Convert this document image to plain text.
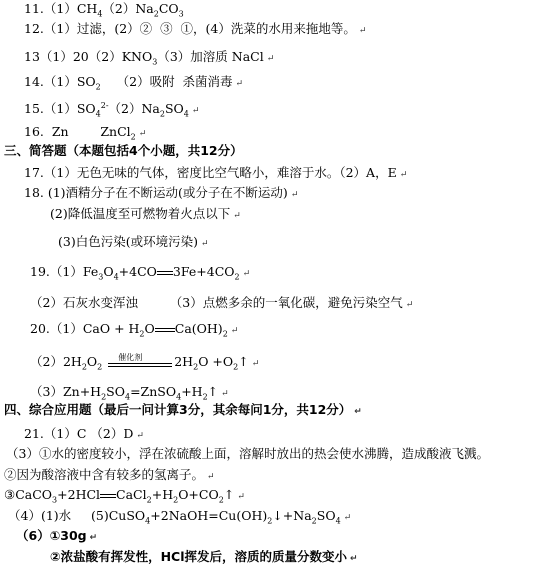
$11.(1)CH_4(2)Na_2CO_3$
12.（1）过滤，(2）②  ③  ①，(4）洗菜的水用来拖地等。 ↵
$13(1)20(2)KNO_3(3)$加溶质 NaCl ↵
$14.(1)SO_2$    （2）吸附  杀菌消毒 ↵
$15.(1)SO_4^{2-}(2)Na_2SO_4$ ↵
16.  Zn        ZnCl$_2$ ↵
三、简答题（本题包括4个小题，共12分）
17.（1）无色无味的气体，密度比空气略小，难溶于水。（2）A，E ↵
18. (1)酒精分子在不断运动(或分子在不断运动) ↵
(2)降低温度至可燃物着火点以下 ↵
(3)白色污染(或环境污染) ↵
$19.(1)Fe_3O_4+4CO$ $3Fe+4CO_2$ ↵
（2）石灰水变浑浊        （3）点燃多余的一氧化碳，避免污染空气 ↵
$20.(1)CaO + H_2O$ $Ca(OH)_2$ ↵
$(2)2H_2O_2$
催化剂	$2H_2O$ $+O_2↑$ ↵
$(3)Zn+H_2SO_4=ZnSO_4+H_2↑$ ↵
四、综合应用题（最后一问计算3分，其余每问1分，共12分） ↵
21.（1）C （2）D ↵
（3）①水的密度较小，浮在浓硫酸上面，溶解时放出的热会使水沸腾，造成酸液飞溅。
②因为酸溶液中含有较多的氢离子。 ↵
③CaCO$_3$+2HCl $CaCl_2+H_2O+CO_2↑$ ↵
（4）(1)水     $(5)CuSO_4+2NaOH=Cu(OH)_2↓+Na_2SO_4$ ↵
（6）①30g ↵
②浓盐酸有挥发性，HCl挥发后，溶质的质量分数变小 ↵
